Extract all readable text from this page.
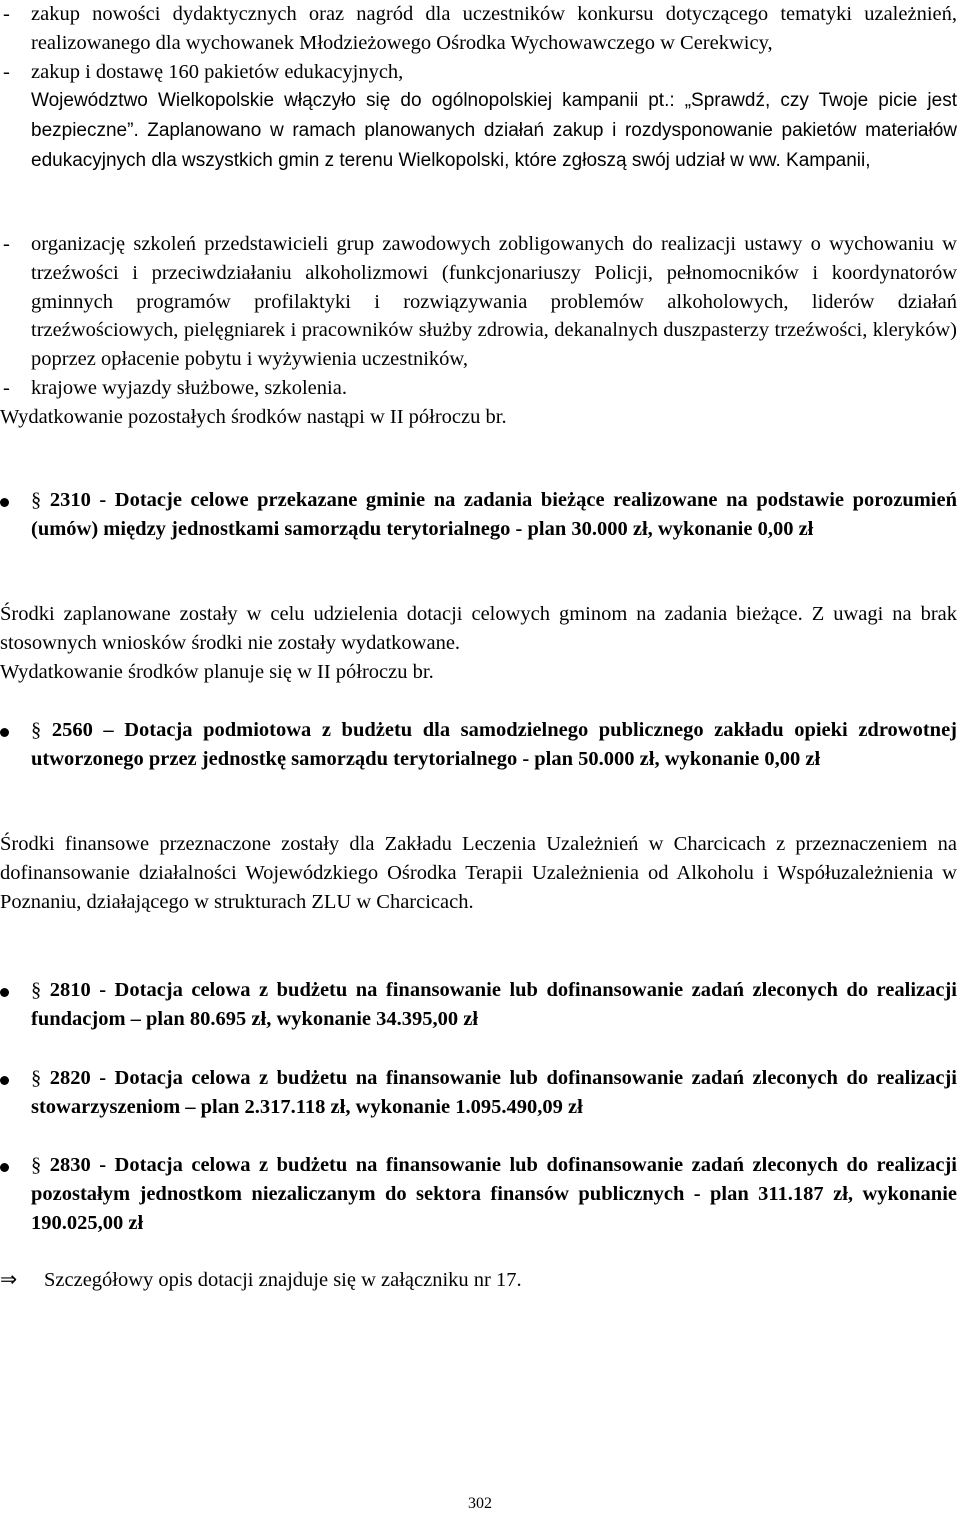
- zakup nowości dydaktycznych oraz nagród dla uczestników konkursu dotyczącego tematyki uzależnień, realizowanego dla wychowanek Młodzieżowego Ośrodka Wychowawczego w Cerekwicy,
- zakup i dostawę 160 pakietów edukacyjnych,
Województwo Wielkopolskie włączyło się do ogólnopolskiej kampanii pt.: „Sprawdź, czy Twoje picie jest bezpieczne”. Zaplanowano w ramach planowanych działań zakup i rozdysponowanie pakietów materiałów edukacyjnych dla wszystkich gmin z terenu Wielkopolski, które zgłoszą swój udział w ww. Kampanii,
- organizację szkoleń przedstawicieli grup zawodowych zobligowanych do realizacji ustawy o wychowaniu w trzeźwości i przeciwdziałaniu alkoholizmowi (funkcjonariuszy Policji, pełnomocników i koordynatorów gminnych programów profilaktyki i rozwiązywania problemów alkoholowych, liderów działań trzeźwościowych, pielęgniarek i pracowników służby zdrowia, dekanalnych duszpasterzy trzeźwości, kleryków) poprzez opłacenie pobytu i wyżywienia uczestników,
- krajowe wyjazdy służbowe, szkolenia.

Wydatkowanie pozostałych środków nastąpi w II półroczu br.

§ 2310 - Dotacje celowe przekazane gminie na zadania bieżące realizowane na podstawie porozumień (umów) między jednostkami samorządu terytorialnego - plan 30.000 zł, wykonanie 0,00 zł

Środki zaplanowane zostały w celu udzielenia dotacji celowych gminom na zadania bieżące. Z uwagi na brak stosownych wniosków środki nie zostały wydatkowane.

Wydatkowanie środków planuje się w II półroczu br.

§ 2560 – Dotacja podmiotowa z budżetu dla samodzielnego publicznego zakładu opieki zdrowotnej utworzonego przez jednostkę samorządu terytorialnego - plan 50.000 zł, wykonanie 0,00 zł

Środki finansowe przeznaczone zostały dla Zakładu Leczenia Uzależnień w Charcicach z przeznaczeniem na dofinansowanie działalności Wojewódzkiego Ośrodka Terapii Uzależnienia od Alkoholu i Współuzależnienia w Poznaniu, działającego w strukturach ZLU w Charcicach.

§ 2810 - Dotacja celowa z budżetu na finansowanie lub dofinansowanie zadań zleconych do realizacji fundacjom – plan 80.695 zł, wykonanie 34.395,00 zł
§ 2820 - Dotacja celowa z budżetu na finansowanie lub dofinansowanie zadań zleconych do realizacji stowarzyszeniom – plan 2.317.118 zł, wykonanie 1.095.490,09 zł
§ 2830 - Dotacja celowa z budżetu na finansowanie lub dofinansowanie zadań zleconych do realizacji pozostałym jednostkom niezaliczanym do sektora finansów publicznych - plan 311.187 zł, wykonanie 190.025,00 zł
⇒ Szczegółowy opis dotacji znajduje się w załączniku nr 17.
302
